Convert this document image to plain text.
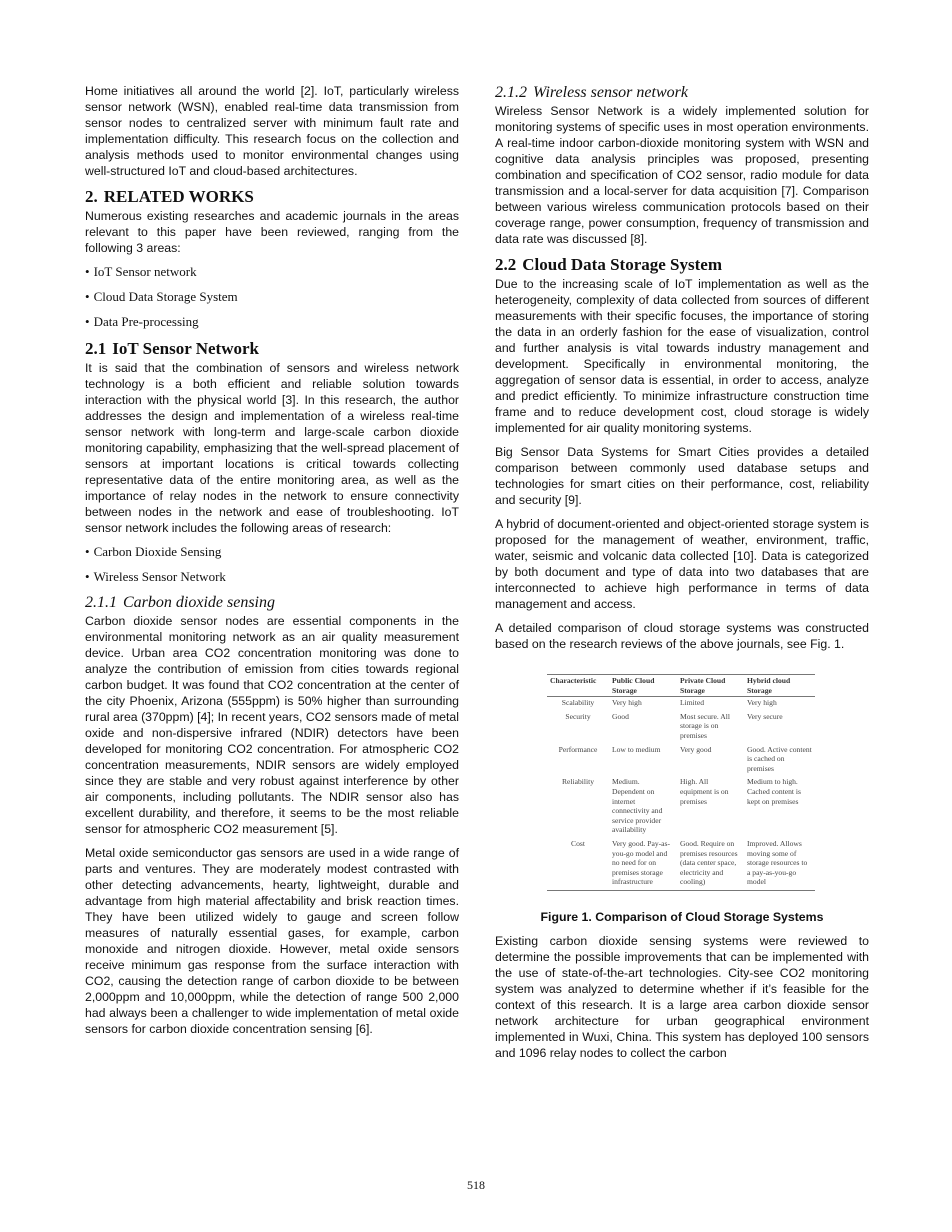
Home initiatives all around the world [2]. IoT, particularly wireless sensor network (WSN), enabled real-time data transmission from sensor nodes to centralized server with minimum fault rate and implementation difficulty. This research focus on the collection and analysis methods used to monitor environmental changes using well-structured IoT and cloud-based architectures.

2. RELATED WORKS

Numerous existing researches and academic journals in the areas relevant to this paper have been reviewed, ranging from the following 3 areas:

• IoT Sensor network
• Cloud Data Storage System
• Data Pre-processing
2.1 IoT Sensor Network

It is said that the combination of sensors and wireless network technology is a both efficient and reliable solution towards interaction with the physical world [3]. In this research, the author addresses the design and implementation of a wireless real-time sensor network with long-term and large-scale carbon dioxide monitoring capability, emphasizing that the well-spread placement of sensors at important locations is critical towards collecting representative data of the entire monitoring area, as well as the importance of relay nodes in the network to ensure connectivity between nodes in the network and ease of troubleshooting. IoT sensor network includes the following areas of research:

• Carbon Dioxide Sensing
• Wireless Sensor Network
2.1.1 Carbon dioxide sensing

Carbon dioxide sensor nodes are essential components in the environmental monitoring network as an air quality measurement device. Urban area CO2 concentration monitoring was done to analyze the contribution of emission from cities towards regional carbon budget. It was found that CO2 concentration at the center of the city Phoenix, Arizona (555ppm) is 50% higher than surrounding rural area (370ppm) [4]; In recent years, CO2 sensors made of metal oxide and non-dispersive infrared (NDIR) detectors have been developed for monitoring CO2 concentration. For atmospheric CO2 concentration measurements, NDIR sensors are widely employed since they are stable and very robust against interference by other air components, including pollutants. The NDIR sensor also has excellent durability, and therefore, it seems to be the most reliable sensor for atmospheric CO2 measurement [5].

Metal oxide semiconductor gas sensors are used in a wide range of parts and ventures. They are moderately modest contrasted with other detecting advancements, hearty, lightweight, durable and advantage from high material affectability and brisk reaction times. They have been utilized widely to gauge and screen follow measures of naturally essential gases, for example, carbon monoxide and nitrogen dioxide. However, metal oxide sensors receive minimum gas response from the surface interaction with CO2, causing the detection range of carbon dioxide to be between 2,000ppm and 10,000ppm, while the detection of range 500 2,000 had always been a challenger to wide implementation of metal oxide sensors for carbon dioxide concentration sensing [6].

2.1.2 Wireless sensor network

Wireless Sensor Network is a widely implemented solution for monitoring systems of specific uses in most operation environments. A real-time indoor carbon-dioxide monitoring system with WSN and cognitive data analysis principles was proposed, presenting combination and specification of CO2 sensor, radio module for data transmission and a local-server for data acquisition [7]. Comparison between various wireless communication protocols based on their coverage range, power consumption, frequency of transmission and data rate was discussed [8].

2.2 Cloud Data Storage System

Due to the increasing scale of IoT implementation as well as the heterogeneity, complexity of data collected from sources of different measurements with their specific focuses, the importance of storing the data in an orderly fashion for the ease of visualization, control and further analysis is vital towards industry management and development. Specifically in environmental monitoring, the aggregation of sensor data is essential, in order to access, analyze and predict efficiently. To minimize infrastructure construction time frame and to reduce development cost, cloud storage is widely implemented for air quality monitoring systems.

Big Sensor Data Systems for Smart Cities provides a detailed comparison between commonly used database setups and technologies for smart cities on their performance, cost, reliability and security [9].

A hybrid of document-oriented and object-oriented storage system is proposed for the management of weather, environment, traffic, water, seismic and volcanic data collected [10]. Data is categorized by both document and type of data into two databases that are interconnected to achieve high performance in terms of data management and access.

A detailed comparison of cloud storage systems was constructed based on the research reviews of the above journals, see Fig. 1.

Characteristic	Public Cloud Storage	Private Cloud Storage	Hybrid cloud Storage
Scalability	Very high	Limited	Very high
Security	Good	Most secure. All storage is on premises	Very secure
Performance	Low to medium	Very good	Good. Active content is cached on premises
Reliability	Medium. Dependent on internet connectivity and service provider availability	High. All equipment is on premises	Medium to high. Cached content is kept on premises
Cost	Very good. Pay-as-you-go model and no need for on premises storage infrastructure	Good. Require on premises resources (data center space, electricity and cooling)	Improved. Allows moving some of storage resources to a pay-as-you-go model
Figure 1. Comparison of Cloud Storage Systems

Existing carbon dioxide sensing systems were reviewed to determine the possible improvements that can be implemented with the use of state-of-the-art technologies. City-see CO2 monitoring system was analyzed to determine whether if it’s feasible for the context of this research. It is a large area carbon dioxide sensor network architecture for urban geographical environment implemented in Wuxi, China. This system has deployed 100 sensors and 1096 relay nodes to collect the carbon

518
